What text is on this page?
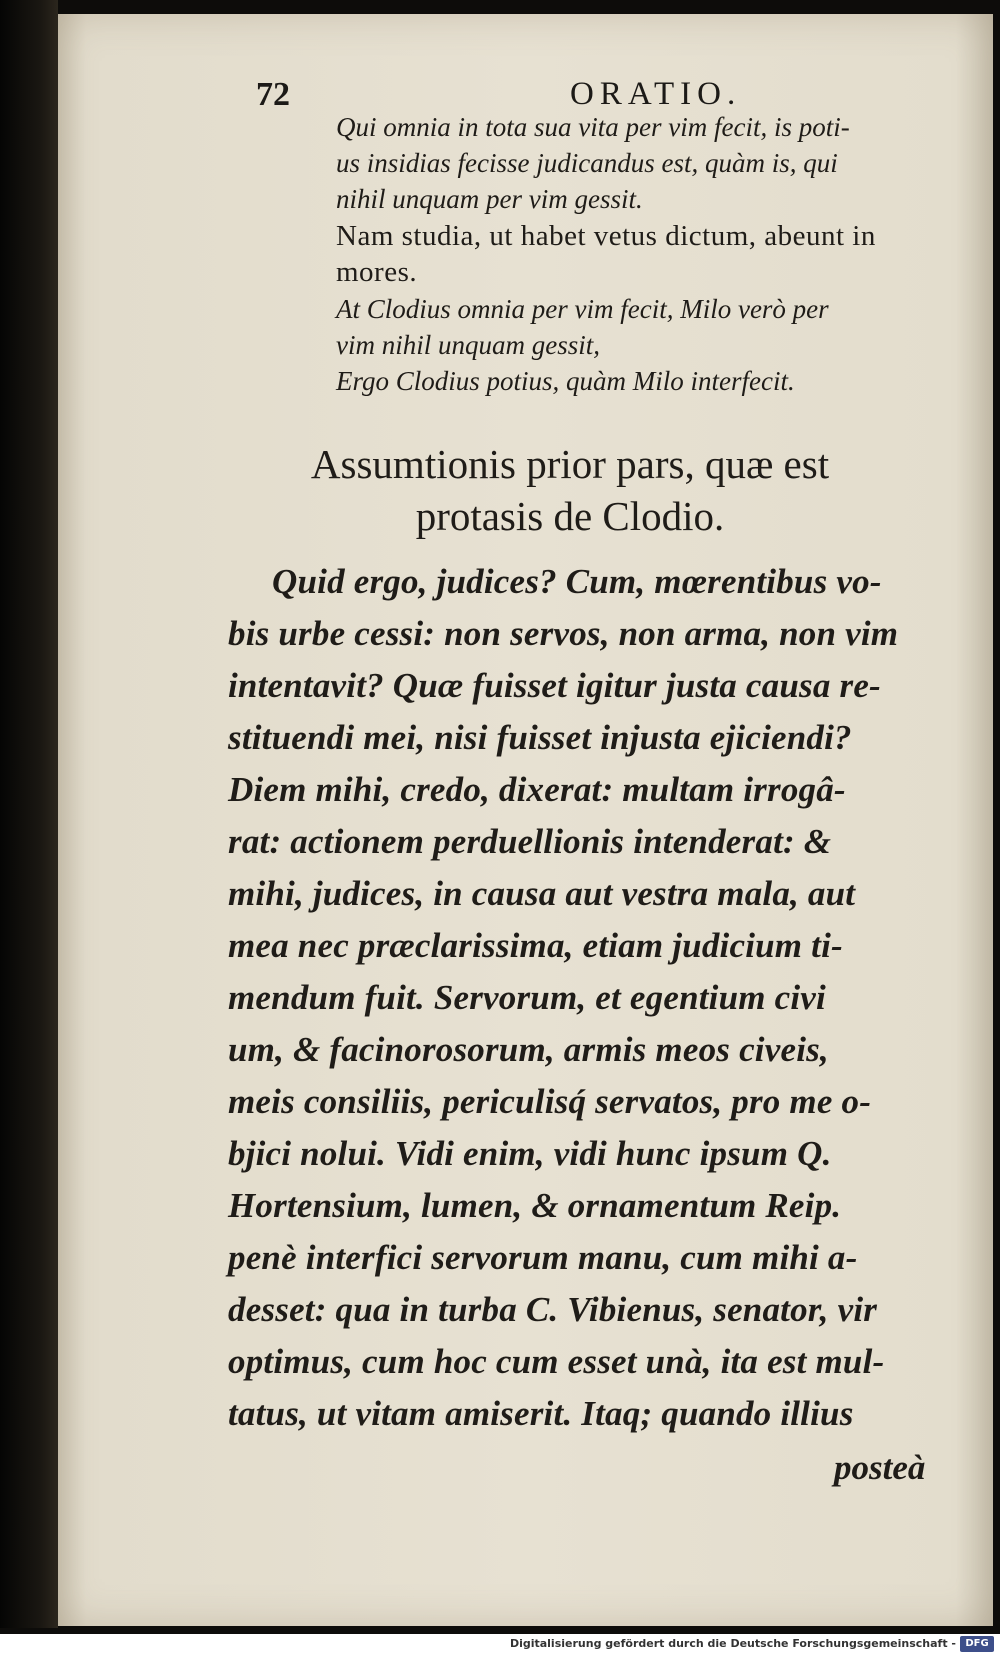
72	ORATIO.
Qui omnia in tota sua vita per vim fecit, is poti-
us insidias fecisse judicandus est, quàm is, qui
nihil unquam per vim gessit.
Nam studia, ut habet vetus dictum, abeunt in
mores.
At Clodius omnia per vim fecit, Milo verò per
vim nihil unquam gessit,
Ergo Clodius potius, quàm Milo interfecit.
Assumtionis prior pars, quæ est
protasis de Clodio.
Quid ergo, judices? Cum, mœrentibus vo-
bis urbe cessi: non servos, non arma, non vim
intentavit? Quæ fuisset igitur justa causa re-
stituendi mei, nisi fuisset injusta ejiciendi?
Diem mihi, credo, dixerat: multam irrogâ-
rat: actionem perduellionis intenderat: &
mihi, judices, in causa aut vestra mala, aut
mea nec præclarissima, etiam judicium ti-
mendum fuit. Servorum, et egentium civi
um, & facinorosorum, armis meos civeis,
meis consiliis, periculisq́ servatos, pro me o-
bjici nolui. Vidi enim, vidi hunc ipsum Q.
Hortensium, lumen, & ornamentum Reip.
penè interfici servorum manu, cum mihi a-
desset: qua in turba C. Vibienus, senator, vir
optimus, cum hoc cum esset unà, ita est mul-
tatus, ut vitam amiserit. Itaq; quando illius
posteà
Digitalisierung gefördert durch die Deutsche Forschungsgemeinschaft - DFG
